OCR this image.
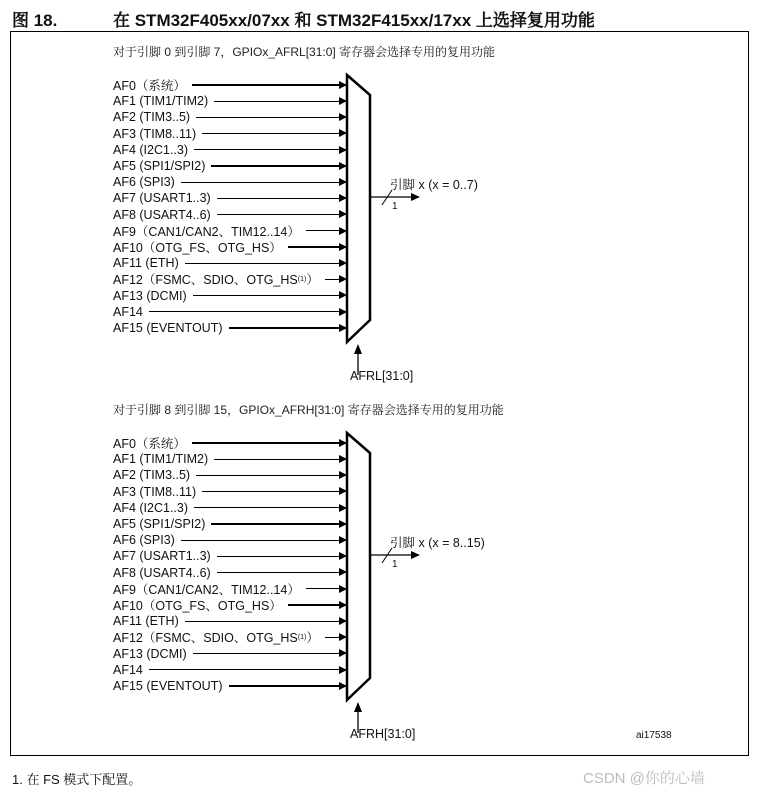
图 18.	在 STM32F405xx/07xx 和 STM32F415xx/17xx 上选择复用功能
对于引脚 0 到引脚 7，GPIOx_AFRL[31:0] 寄存器会选择专用的复用功能
AF0（系统）
AF1 (TIM1/TIM2)
AF2 (TIM3..5)
AF3 (TIM8..11)
AF4 (I2C1..3)
AF5 (SPI1/SPI2)
AF6 (SPI3)
AF7 (USART1..3)
AF8 (USART4..6)
AF9（CAN1/CAN2、TIM12..14）
AF10（OTG_FS、OTG_HS）
AF11 (ETH)
AF12（FSMC、SDIO、OTG_HS (1) ）
AF13 (DCMI)
AF14
AF15 (EVENTOUT)
引脚 x (x = 0..7)
1
AFRL[31:0]
对于引脚 8 到引脚 15，GPIOx_AFRH[31:0] 寄存器会选择专用的复用功能
AF0（系统）
AF1 (TIM1/TIM2)
AF2 (TIM3..5)
AF3 (TIM8..11)
AF4 (I2C1..3)
AF5 (SPI1/SPI2)
AF6 (SPI3)
AF7 (USART1..3)
AF8 (USART4..6)
AF9（CAN1/CAN2、TIM12..14）
AF10（OTG_FS、OTG_HS）
AF11 (ETH)
AF12（FSMC、SDIO、OTG_HS (1) ）
AF13 (DCMI)
AF14
AF15 (EVENTOUT)
引脚 x (x = 8..15)
1
AFRH[31:0]	ai17538
1. 在 FS 模式下配置。	CSDN @你的心墙
